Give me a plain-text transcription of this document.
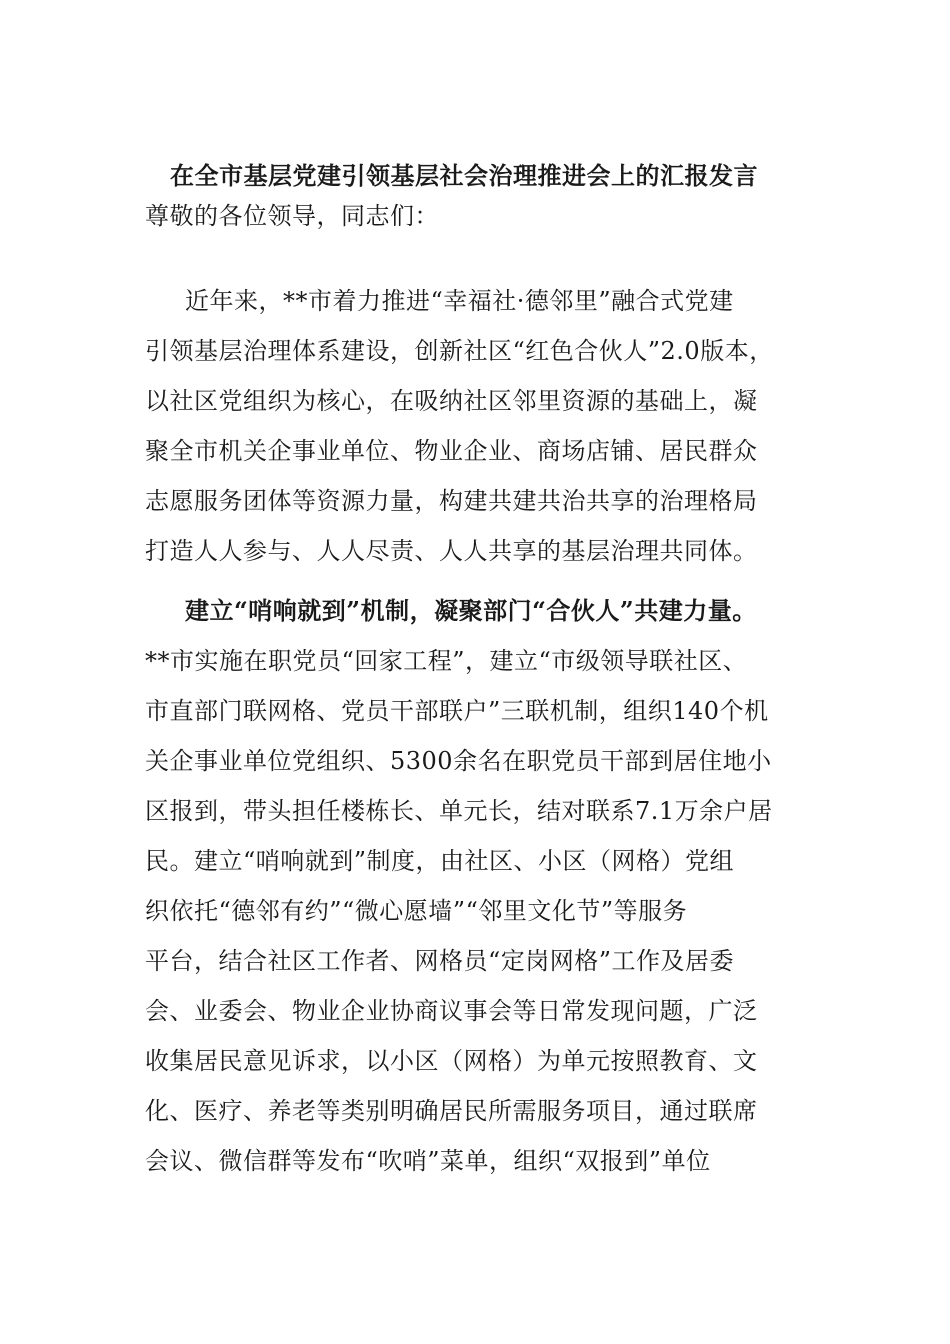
在全市基层党建引领基层社会治理推进会上的汇报发言
尊敬的各位领导，同志们：
近年来，**市着力推进“幸福社·德邻里”融合式党建
引领基层治理体系建设，创新社区“红色合伙人”2.0版本，
以社区党组织为核心，在吸纳社区邻里资源的基础上，凝
聚全市机关企事业单位、物业企业、商场店铺、居民群众
志愿服务团体等资源力量，构建共建共治共享的治理格局
打造人人参与、人人尽责、人人共享的基层治理共同体。
建立“哨响就到”机制，凝聚部门“合伙人”共建力量。
**市实施在职党员“回家工程”，建立“市级领导联社区、
市直部门联网格、党员干部联户”三联机制，组织140个机
关企事业单位党组织、5300余名在职党员干部到居住地小
区报到，带头担任楼栋长、单元长，结对联系7.1万余户居
民。建立“哨响就到”制度，由社区、小区（网格）党组
织依托“德邻有约”“微心愿墙”“邻里文化节”等服务
平台，结合社区工作者、网格员“定岗网格”工作及居委
会、业委会、物业企业协商议事会等日常发现问题，广泛
收集居民意见诉求，以小区（网格）为单元按照教育、文
化、医疗、养老等类别明确居民所需服务项目，通过联席
会议、微信群等发布“吹哨”菜单，组织“双报到”单位
